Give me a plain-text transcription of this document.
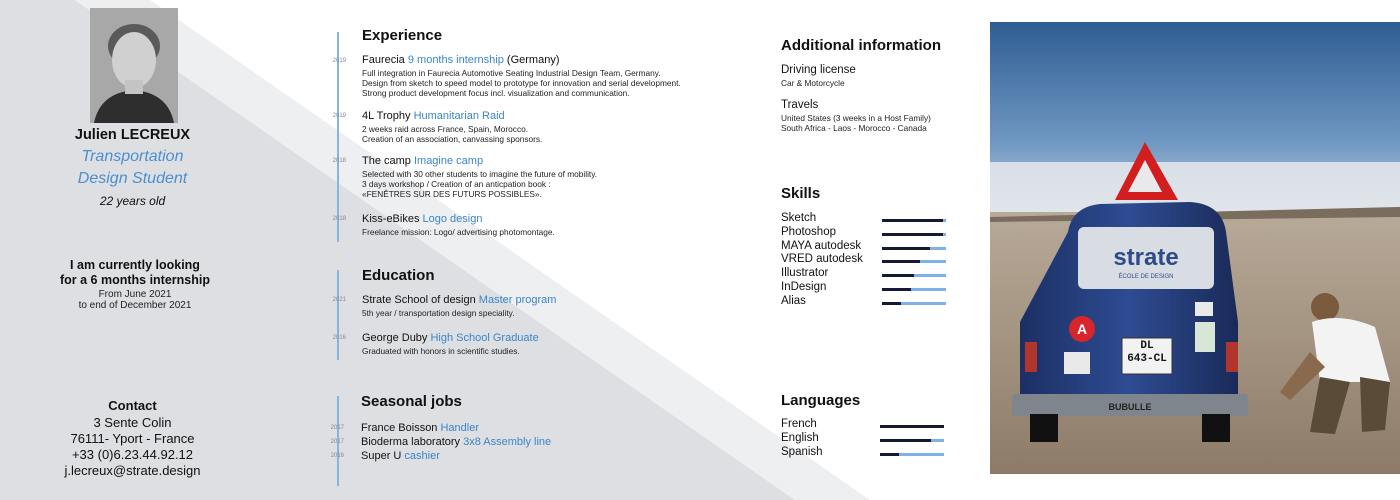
Julien LECREUX
Transportation
Design Student
22 years old
I am currently looking
for a 6 months internship
From June 2021
to end of December 2021
Contact
3 Sente Colin
76111- Yport - France
+33 (0)6.23.44.92.12
j.lecreux@strate.design
Experience
2019 Faurecia 9 months internship (Germany)
Full integration in Faurecia Automotive Seating Industrial Design Team, Germany.
Design from sketch to speed model to prototype for innovation and serial development.
Strong product development focus incl. visualization and communication.
2019 4L Trophy Humanitarian Raid
2 weeks raid across France, Spain, Morocco.
Creation of an association, canvassing sponsors.
2018 The camp Imagine camp
Selected with 30 other students to imagine the future of mobility.
3 days workshop / Creation of an anticpation book :
«FENÊTRES SUR DES FUTURS POSSIBLES».
2018 Kiss-eBikes Logo design
Freelance mission: Logo/ advertising photomontage.
Education
2021 Strate School of design Master program
5th year / transportation design speciality.
2016 George Duby High School Graduate
Graduated with honors in scientific studies.
Seasonal jobs
2017 France Boisson Handler
2017 Bioderma laboratory 3x8 Assembly line
2016 Super U cashier
Additional information
Driving license
Car & Motorcycle
Travels
United States (3 weeks in a Host Family)
South Africa - Laos - Morocco - Canada
Skills
Sketch
Photoshop
MAYA autodesk
VRED autodesk
Illustrator
InDesign
Alias
Languages
French
English
Spanish
A
strate
ÉCOLE DE DESIGN
DL
643-CL
BUBULLE
